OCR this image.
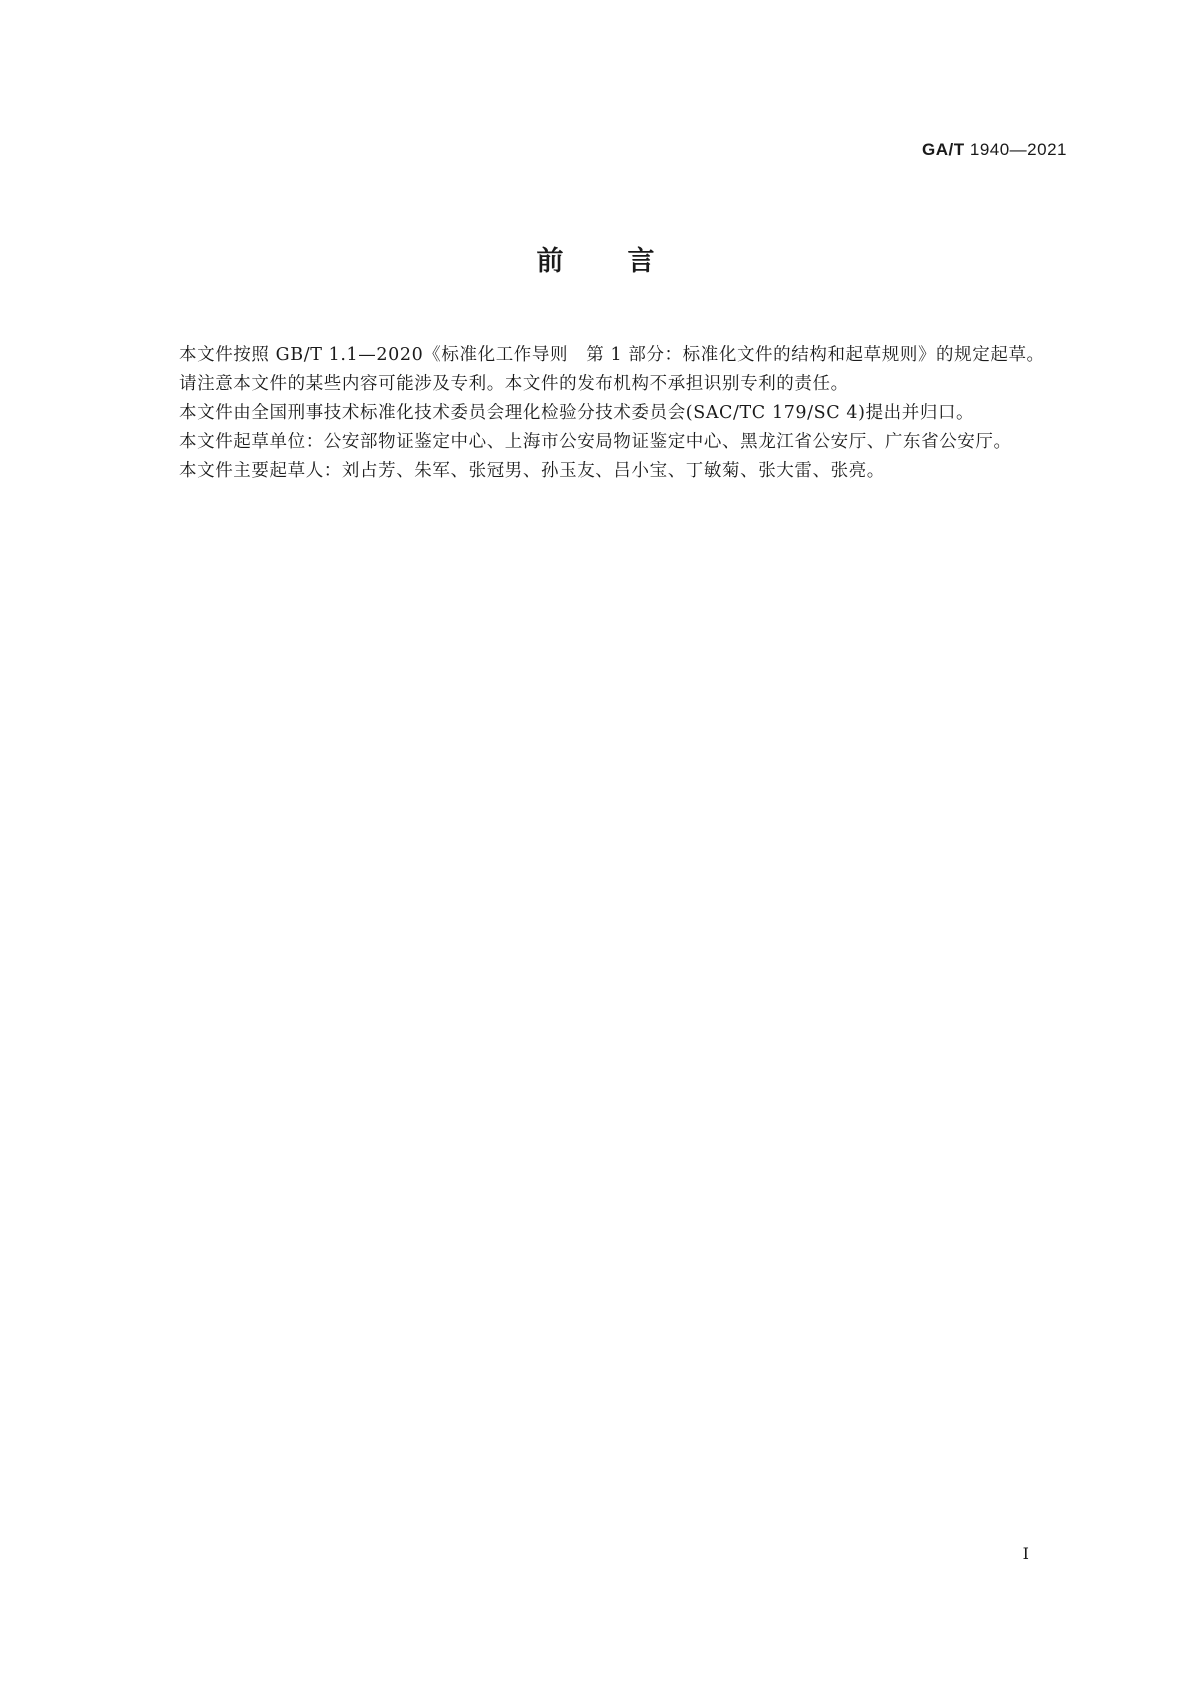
GA/T 1940—2021
前言

本文件按照 GB/T 1.1—2020《标准化工作导则　第 1 部分：标准化文件的结构和起草规则》的规定起草。

请注意本文件的某些内容可能涉及专利。本文件的发布机构不承担识别专利的责任。

本文件由全国刑事技术标准化技术委员会理化检验分技术委员会(SAC/TC 179/SC 4)提出并归口。

本文件起草单位：公安部物证鉴定中心、上海市公安局物证鉴定中心、黑龙江省公安厅、广东省公安厅。

本文件主要起草人：刘占芳、朱军、张冠男、孙玉友、吕小宝、丁敏菊、张大雷、张亮。

I
